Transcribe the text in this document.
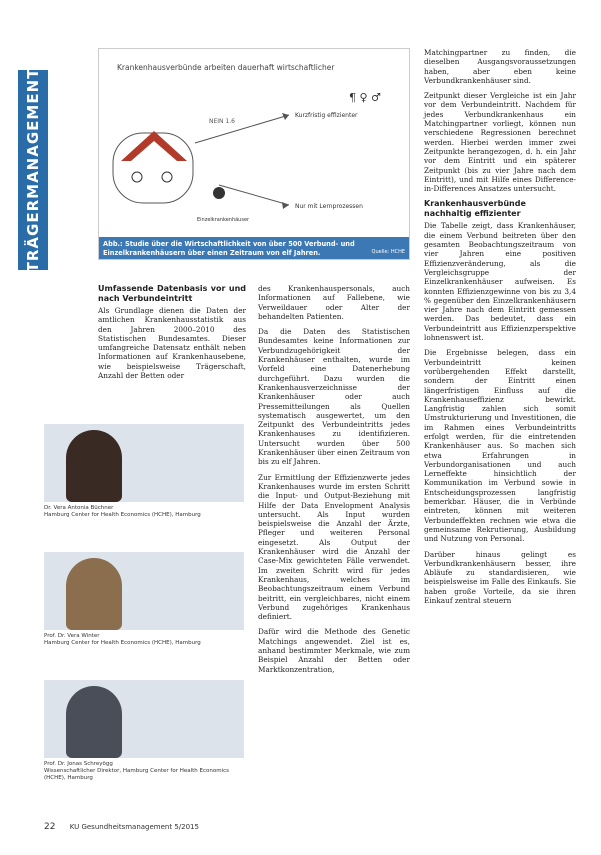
TRÄGERMANAGEMENT
Krankenhausverbünde arbeiten dauerhaft wirtschaftlicher
NEIN 1.6
Kurzfristig effizienter
¶ ♀ ♂
Einzelkrankenhäuser
Nur mit Lernprozessen
Abb.: Studie über die Wirtschaftlichkeit von über 500 Verbund- und Einzelkrankenhäusern über einen Zeitraum von elf Jahren.	Quelle: HCHE
Umfassende Datenbasis vor und nach Verbundeintritt

Als Grundlage dienen die Daten der amtlichen Krankenhausstatistik aus den Jahren 2000–2010 des Statistischen Bundesamtes. Dieser umfangreiche Datensatz enthält neben Informationen auf Krankenhausebene, wie beispielsweise Trägerschaft, Anzahl der Betten oder

Dr. Vera Antonia Büchner
Hamburg Center for Health Economics (HCHE), Hamburg
Prof. Dr. Vera Winter
Hamburg Center for Health Economics (HCHE), Hamburg
Prof. Dr. Jonas Schreyögg
Wissenschaftlicher Direktor, Hamburg Center for Health Economics (HCHE), Hamburg

des Krankenhauspersonals, auch Informationen auf Fallebene, wie Verweildauer oder Alter der behandelten Patienten.

Da die Daten des Statistischen Bundesamtes keine Informationen zur Verbundzugehörigkeit der Krankenhäuser enthalten, wurde im Vorfeld eine Datenerhebung durchgeführt. Dazu wurden die Krankenhausverzeichnisse der Krankenhäuser oder auch Pressemitteilungen als Quellen systematisch ausgewertet, um den Zeitpunkt des Verbundeintritts jedes Krankenhauses zu identifizieren. Untersucht wurden über 500 Krankenhäuser über einen Zeitraum von bis zu elf Jahren.

Zur Ermittlung der Effizienzwerte jedes Krankenhauses wurde im ersten Schritt die Input- und Output-Beziehung mit Hilfe der Data Envelopment Analysis untersucht. Als Input wurden beispielsweise die Anzahl der Ärzte, Pfleger und weiteren Personal eingesetzt. Als Output der Krankenhäuser wird die Anzahl der Case-Mix gewichteten Fälle verwendet. Im zweiten Schritt wird für jedes Krankenhaus, welches im Beobachtungszeitraum einem Verbund beitritt, ein vergleichbares, nicht einem Verbund zugehöriges Krankenhaus definiert.

Dafür wird die Methode des Genetic Matchings angewendet. Ziel ist es, anhand bestimmter Merkmale, wie zum Beispiel Anzahl der Betten oder Marktkonzentration,

Matchingpartner zu finden, die dieselben Ausgangsvoraussetzungen haben, aber eben keine Verbundkrankenhäuser sind.

Zeitpunkt dieser Vergleiche ist ein Jahr vor dem Verbundeintritt. Nachdem für jedes Verbundkrankenhaus ein Matchingpartner vorliegt, können nun verschiedene Regressionen berechnet werden. Hierbei werden immer zwei Zeitpunkte herangezogen, d. h. ein Jahr vor dem Eintritt und ein späterer Zeitpunkt (bis zu vier Jahre nach dem Eintritt), und mit Hilfe eines Difference-in-Differences Ansatzes untersucht.

Krankenhausverbünde nachhaltig effizienter

Die Tabelle zeigt, dass Krankenhäuser, die einem Verbund beitreten über den gesamten Beobachtungszeitraum von vier Jahren eine positiven Effizienzveränderung, als die Vergleichsgruppe der Einzelkrankenhäuser aufweisen. Es konnten Effizienzgewinne von bis zu 3,4 % gegenüber den Einzelkrankenhäusern vier Jahre nach dem Eintritt gemessen werden. Das bedeutet, dass ein Verbundeintritt aus Effizienzperspektive lohnenswert ist.

Die Ergebnisse belegen, dass ein Verbundeintritt keinen vorübergehenden Effekt darstellt, sondern der Eintritt einen längerfristigen Einfluss auf die Krankenhauseffizienz bewirkt. Langfristig zahlen sich somit Umstrukturierung und Investitionen, die im Rahmen eines Verbundeintritts erfolgt werden, für die eintretenden Krankenhäuser aus. So machen sich etwa Erfahrungen in Verbundorganisationen und auch Lerneffekte hinsichtlich der Kommunikation im Verbund sowie in Entscheidungsprozessen langfristig bemerkbar. Häuser, die in Verbünde eintreten, können mit weiteren Verbundeffekten rechnen wie etwa die gemeinsame Rekrutierung, Ausbildung und Nutzung von Personal.

Darüber hinaus gelingt es Verbundkrankenhäusern besser, ihre Abläufe zu standardisieren, wie beispielsweise im Falle des Einkaufs. Sie haben große Vorteile, da sie ihren Einkauf zentral steuern

22 KU Gesundheitsmanagement 5/2015
